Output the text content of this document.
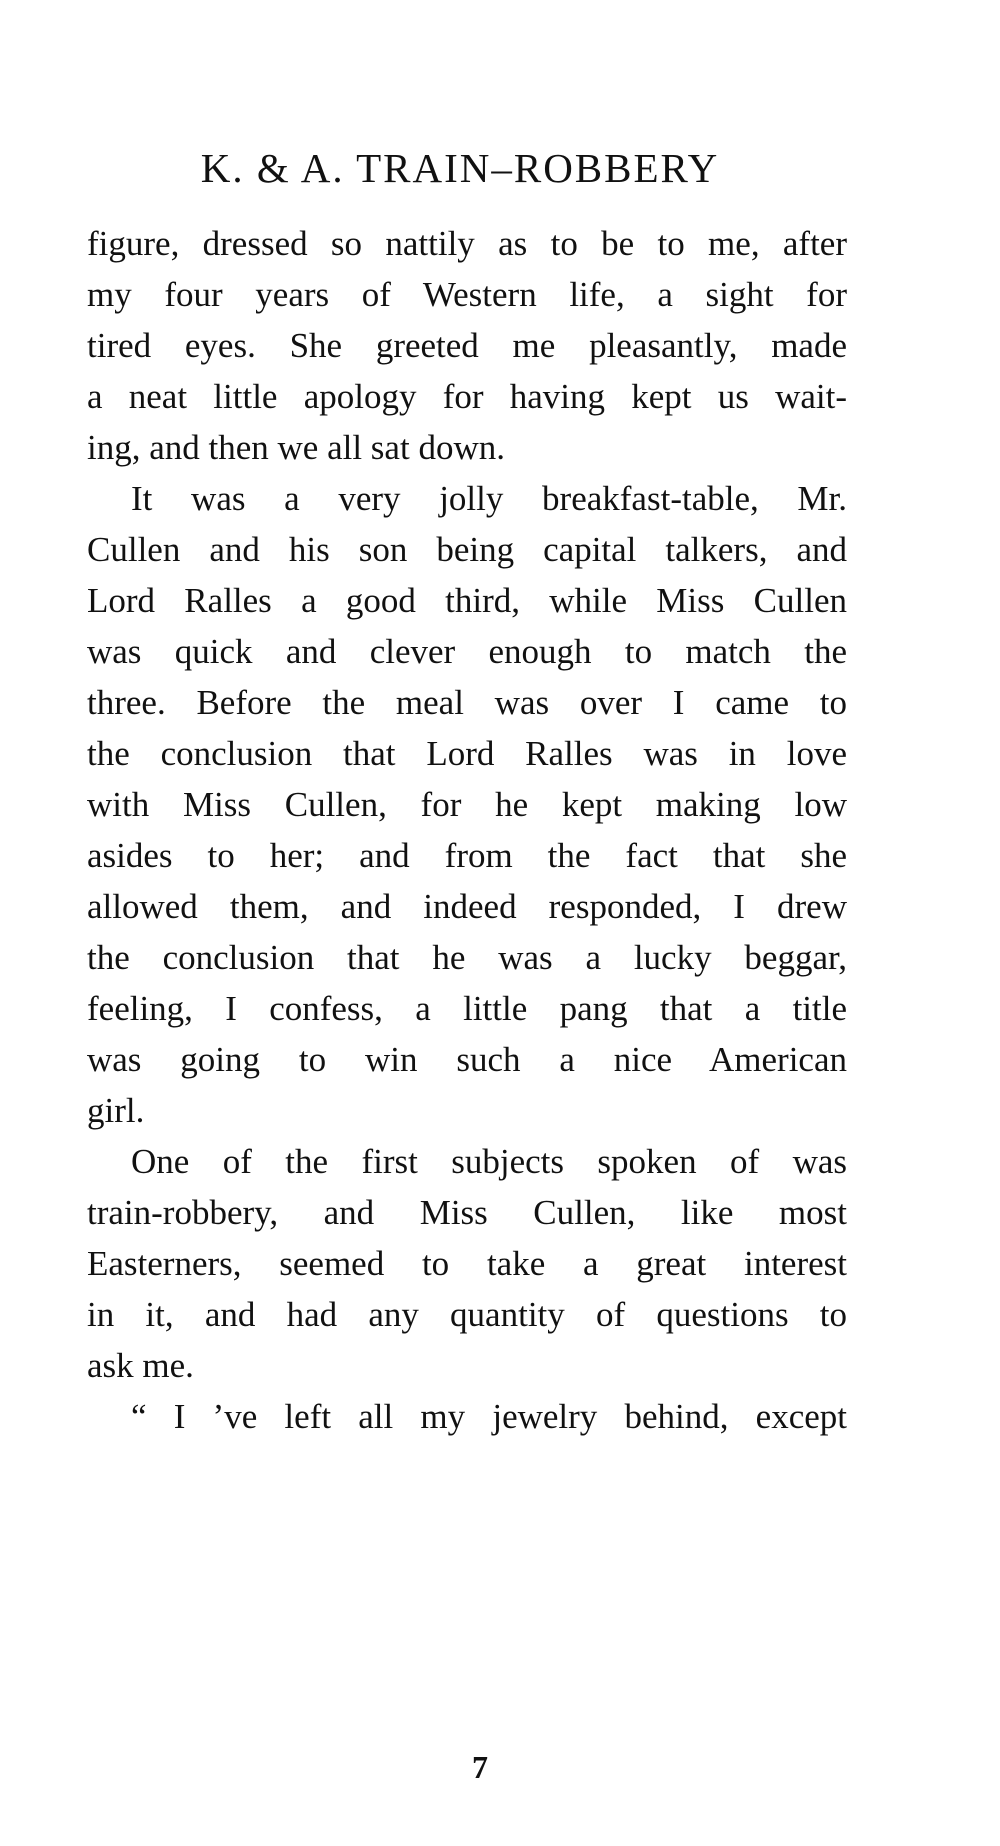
K. & A. TRAIN–ROBBERY
figure, dressed so nattily as to be to me, after
my four years of Western life, a sight for
tired eyes. She greeted me pleasantly, made
a neat little apology for having kept us wait-
ing, and then we all sat down.
It was a very jolly breakfast-table, Mr.
Cullen and his son being capital talkers, and
Lord Ralles a good third, while Miss Cullen
was quick and clever enough to match the
three. Before the meal was over I came to
the conclusion that Lord Ralles was in love
with Miss Cullen, for he kept making low
asides to her; and from the fact that she
allowed them, and indeed responded, I drew
the conclusion that he was a lucky beggar,
feeling, I confess, a little pang that a title
was going to win such a nice American
girl.
One of the first subjects spoken of was
train-robbery, and Miss Cullen, like most
Easterners, seemed to take a great interest
in it, and had any quantity of questions to
ask me.
“ I ’ve left all my jewelry behind, except
7
